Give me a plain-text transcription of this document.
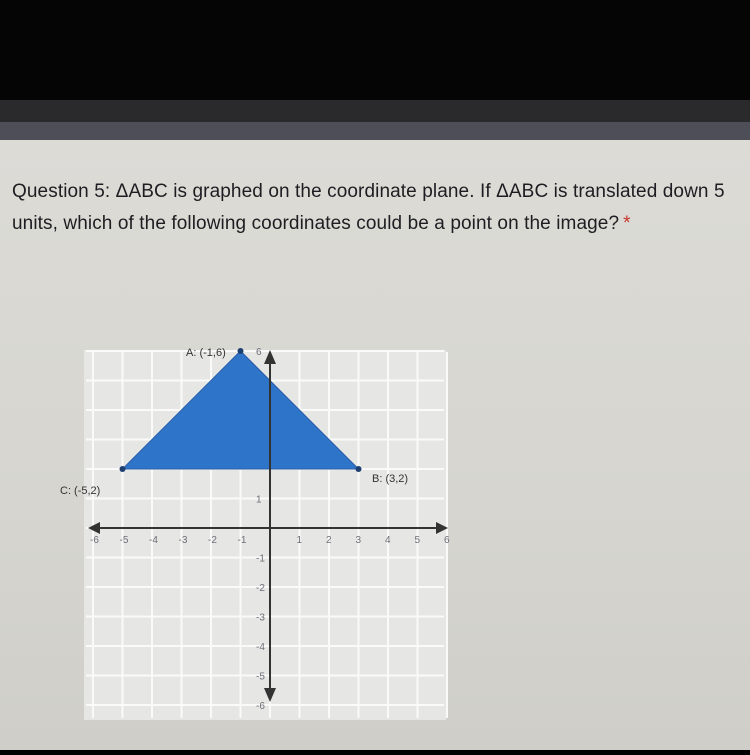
Question 5: ΔABC is graphed on the coordinate plane. If ΔABC is translated down 5 units, which of the following coordinates could be a point on the image? *
-6 -5 -4 -3 -2 -1	1 2 3 4 5 6
6
1
-1
-2
-3
-4
-5
-6
A: (-1,6)
B: (3,2)
C: (-5,2)
